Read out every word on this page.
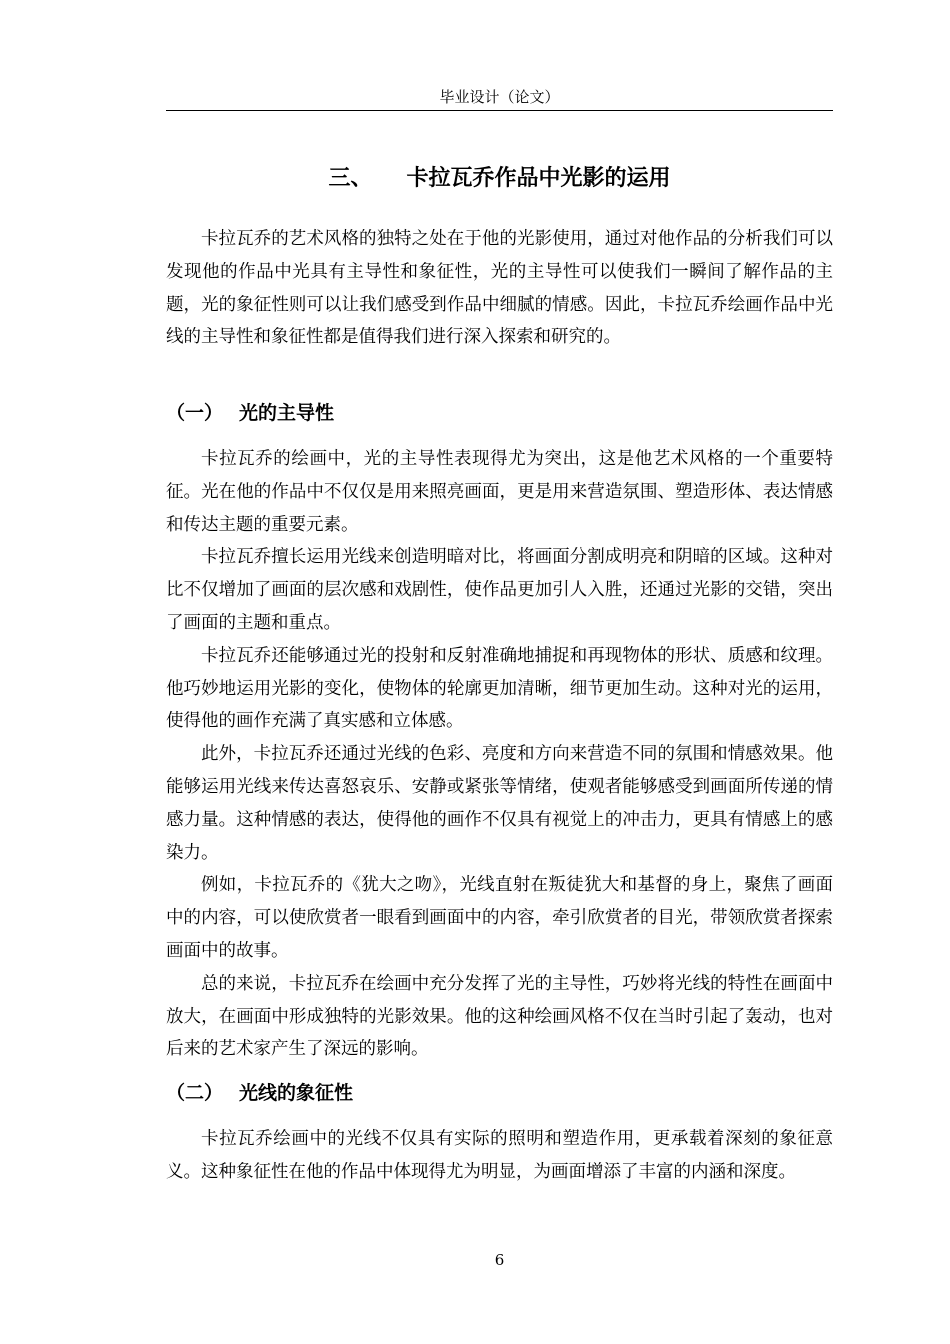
毕业设计（论文）
三、 卡拉瓦乔作品中光影的运用

卡拉瓦乔的艺术风格的独特之处在于他的光影使用，通过对他作品的分析我们可以发现他的作品中光具有主导性和象征性，光的主导性可以使我们一瞬间了解作品的主题，光的象征性则可以让我们感受到作品中细腻的情感。因此，卡拉瓦乔绘画作品中光线的主导性和象征性都是值得我们进行深入探索和研究的。

（一） 光的主导性

卡拉瓦乔的绘画中，光的主导性表现得尤为突出，这是他艺术风格的一个重要特征。光在他的作品中不仅仅是用来照亮画面，更是用来营造氛围、塑造形体、表达情感和传达主题的重要元素。

卡拉瓦乔擅长运用光线来创造明暗对比，将画面分割成明亮和阴暗的区域。这种对比不仅增加了画面的层次感和戏剧性，使作品更加引人入胜，还通过光影的交错，突出了画面的主题和重点。

卡拉瓦乔还能够通过光的投射和反射准确地捕捉和再现物体的形状、质感和纹理。他巧妙地运用光影的变化，使物体的轮廓更加清晰，细节更加生动。这种对光的运用，使得他的画作充满了真实感和立体感。

此外，卡拉瓦乔还通过光线的色彩、亮度和方向来营造不同的氛围和情感效果。他能够运用光线来传达喜怒哀乐、安静或紧张等情绪，使观者能够感受到画面所传递的情感力量。这种情感的表达，使得他的画作不仅具有视觉上的冲击力，更具有情感上的感染力。

例如，卡拉瓦乔的《犹大之吻》，光线直射在叛徒犹大和基督的身上，聚焦了画面中的内容，可以使欣赏者一眼看到画面中的内容，牵引欣赏者的目光，带领欣赏者探索画面中的故事。

总的来说，卡拉瓦乔在绘画中充分发挥了光的主导性，巧妙将光线的特性在画面中放大，在画面中形成独特的光影效果。他的这种绘画风格不仅在当时引起了轰动，也对后来的艺术家产生了深远的影响。

（二） 光线的象征性

卡拉瓦乔绘画中的光线不仅具有实际的照明和塑造作用，更承载着深刻的象征意义。这种象征性在他的作品中体现得尤为明显，为画面增添了丰富的内涵和深度。

6
